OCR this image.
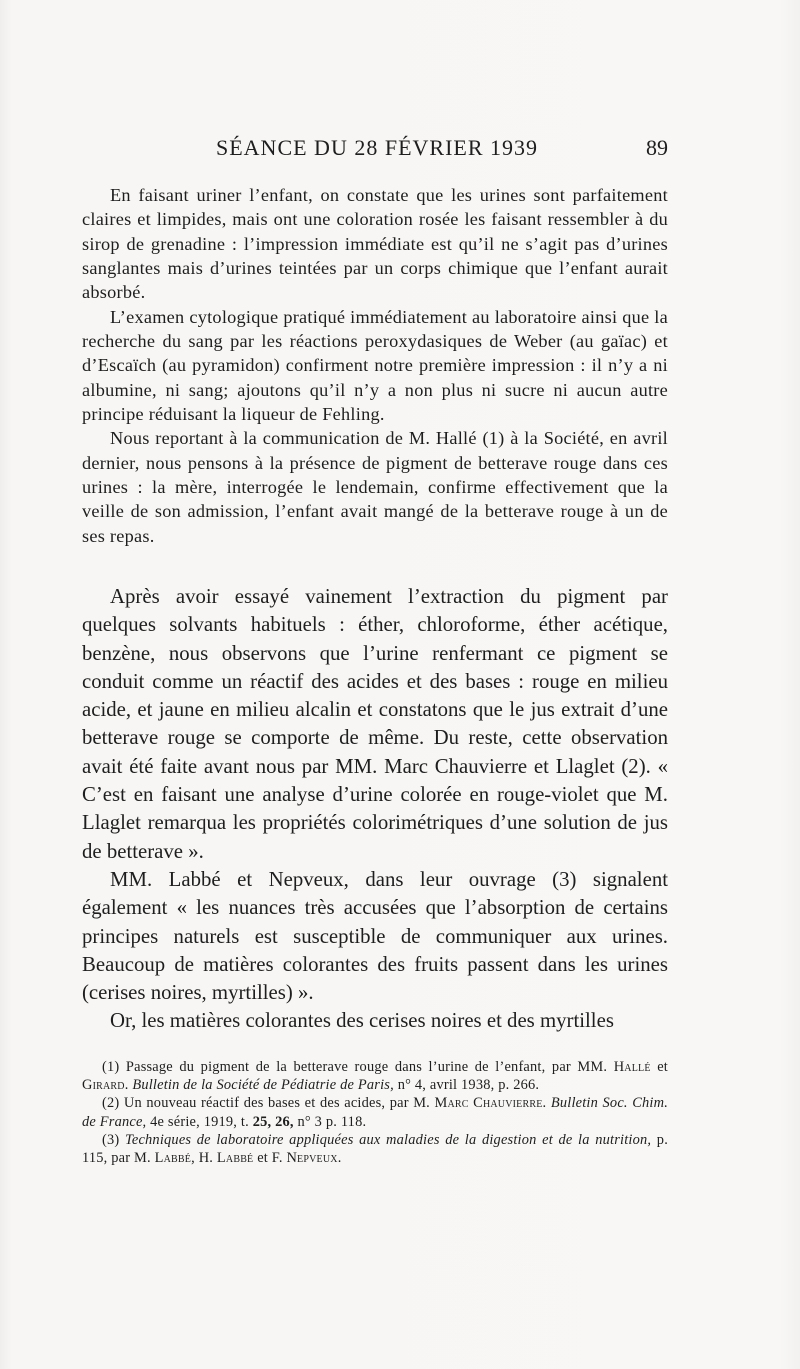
SÉANCE DU 28 FÉVRIER 1939	89

En faisant uriner l’enfant, on constate que les urines sont parfaitement claires et limpides, mais ont une coloration rosée les faisant ressembler à du sirop de grenadine : l’impression immédiate est qu’il ne s’agit pas d’urines sanglantes mais d’urines teintées par un corps chimique que l’enfant aurait absorbé.

L’examen cytologique pratiqué immédiatement au laboratoire ainsi que la recherche du sang par les réactions peroxydasiques de Weber (au gaïac) et d’Escaïch (au pyramidon) confirment notre première impression : il n’y a ni albumine, ni sang; ajoutons qu’il n’y a non plus ni sucre ni aucun autre principe réduisant la liqueur de Fehling.

Nous reportant à la communication de M. Hallé (1) à la Société, en avril dernier, nous pensons à la présence de pigment de betterave rouge dans ces urines : la mère, interrogée le lendemain, confirme effectivement que la veille de son admission, l’enfant avait mangé de la betterave rouge à un de ses repas.

Après avoir essayé vainement l’extraction du pigment par quelques solvants habituels : éther, chloroforme, éther acétique, benzène, nous observons que l’urine renfermant ce pigment se conduit comme un réactif des acides et des bases : rouge en milieu acide, et jaune en milieu alcalin et constatons que le jus extrait d’une betterave rouge se comporte de même. Du reste, cette observation avait été faite avant nous par MM. Marc Chauvierre et Llaglet (2). « C’est en faisant une analyse d’urine colorée en rouge-violet que M. Llaglet remarqua les propriétés colorimétriques d’une solution de jus de betterave ».

MM. Labbé et Nepveux, dans leur ouvrage (3) signalent également « les nuances très accusées que l’absorption de certains principes naturels est susceptible de communiquer aux urines. Beaucoup de matières colorantes des fruits passent dans les urines (cerises noires, myrtilles) ».

Or, les matières colorantes des cerises noires et des myrtilles

(1) Passage du pigment de la betterave rouge dans l’urine de l’enfant, par MM. Hallé et Girard. Bulletin de la Société de Pédiatrie de Paris, n° 4, avril 1938, p. 266.

(2) Un nouveau réactif des bases et des acides, par M. Marc Chauvierre. Bulletin Soc. Chim. de France, 4e série, 1919, t. 25, 26, n° 3 p. 118.

(3) Techniques de laboratoire appliquées aux maladies de la digestion et de la nutrition, p. 115, par M. Labbé, H. Labbé et F. Nepveux.
